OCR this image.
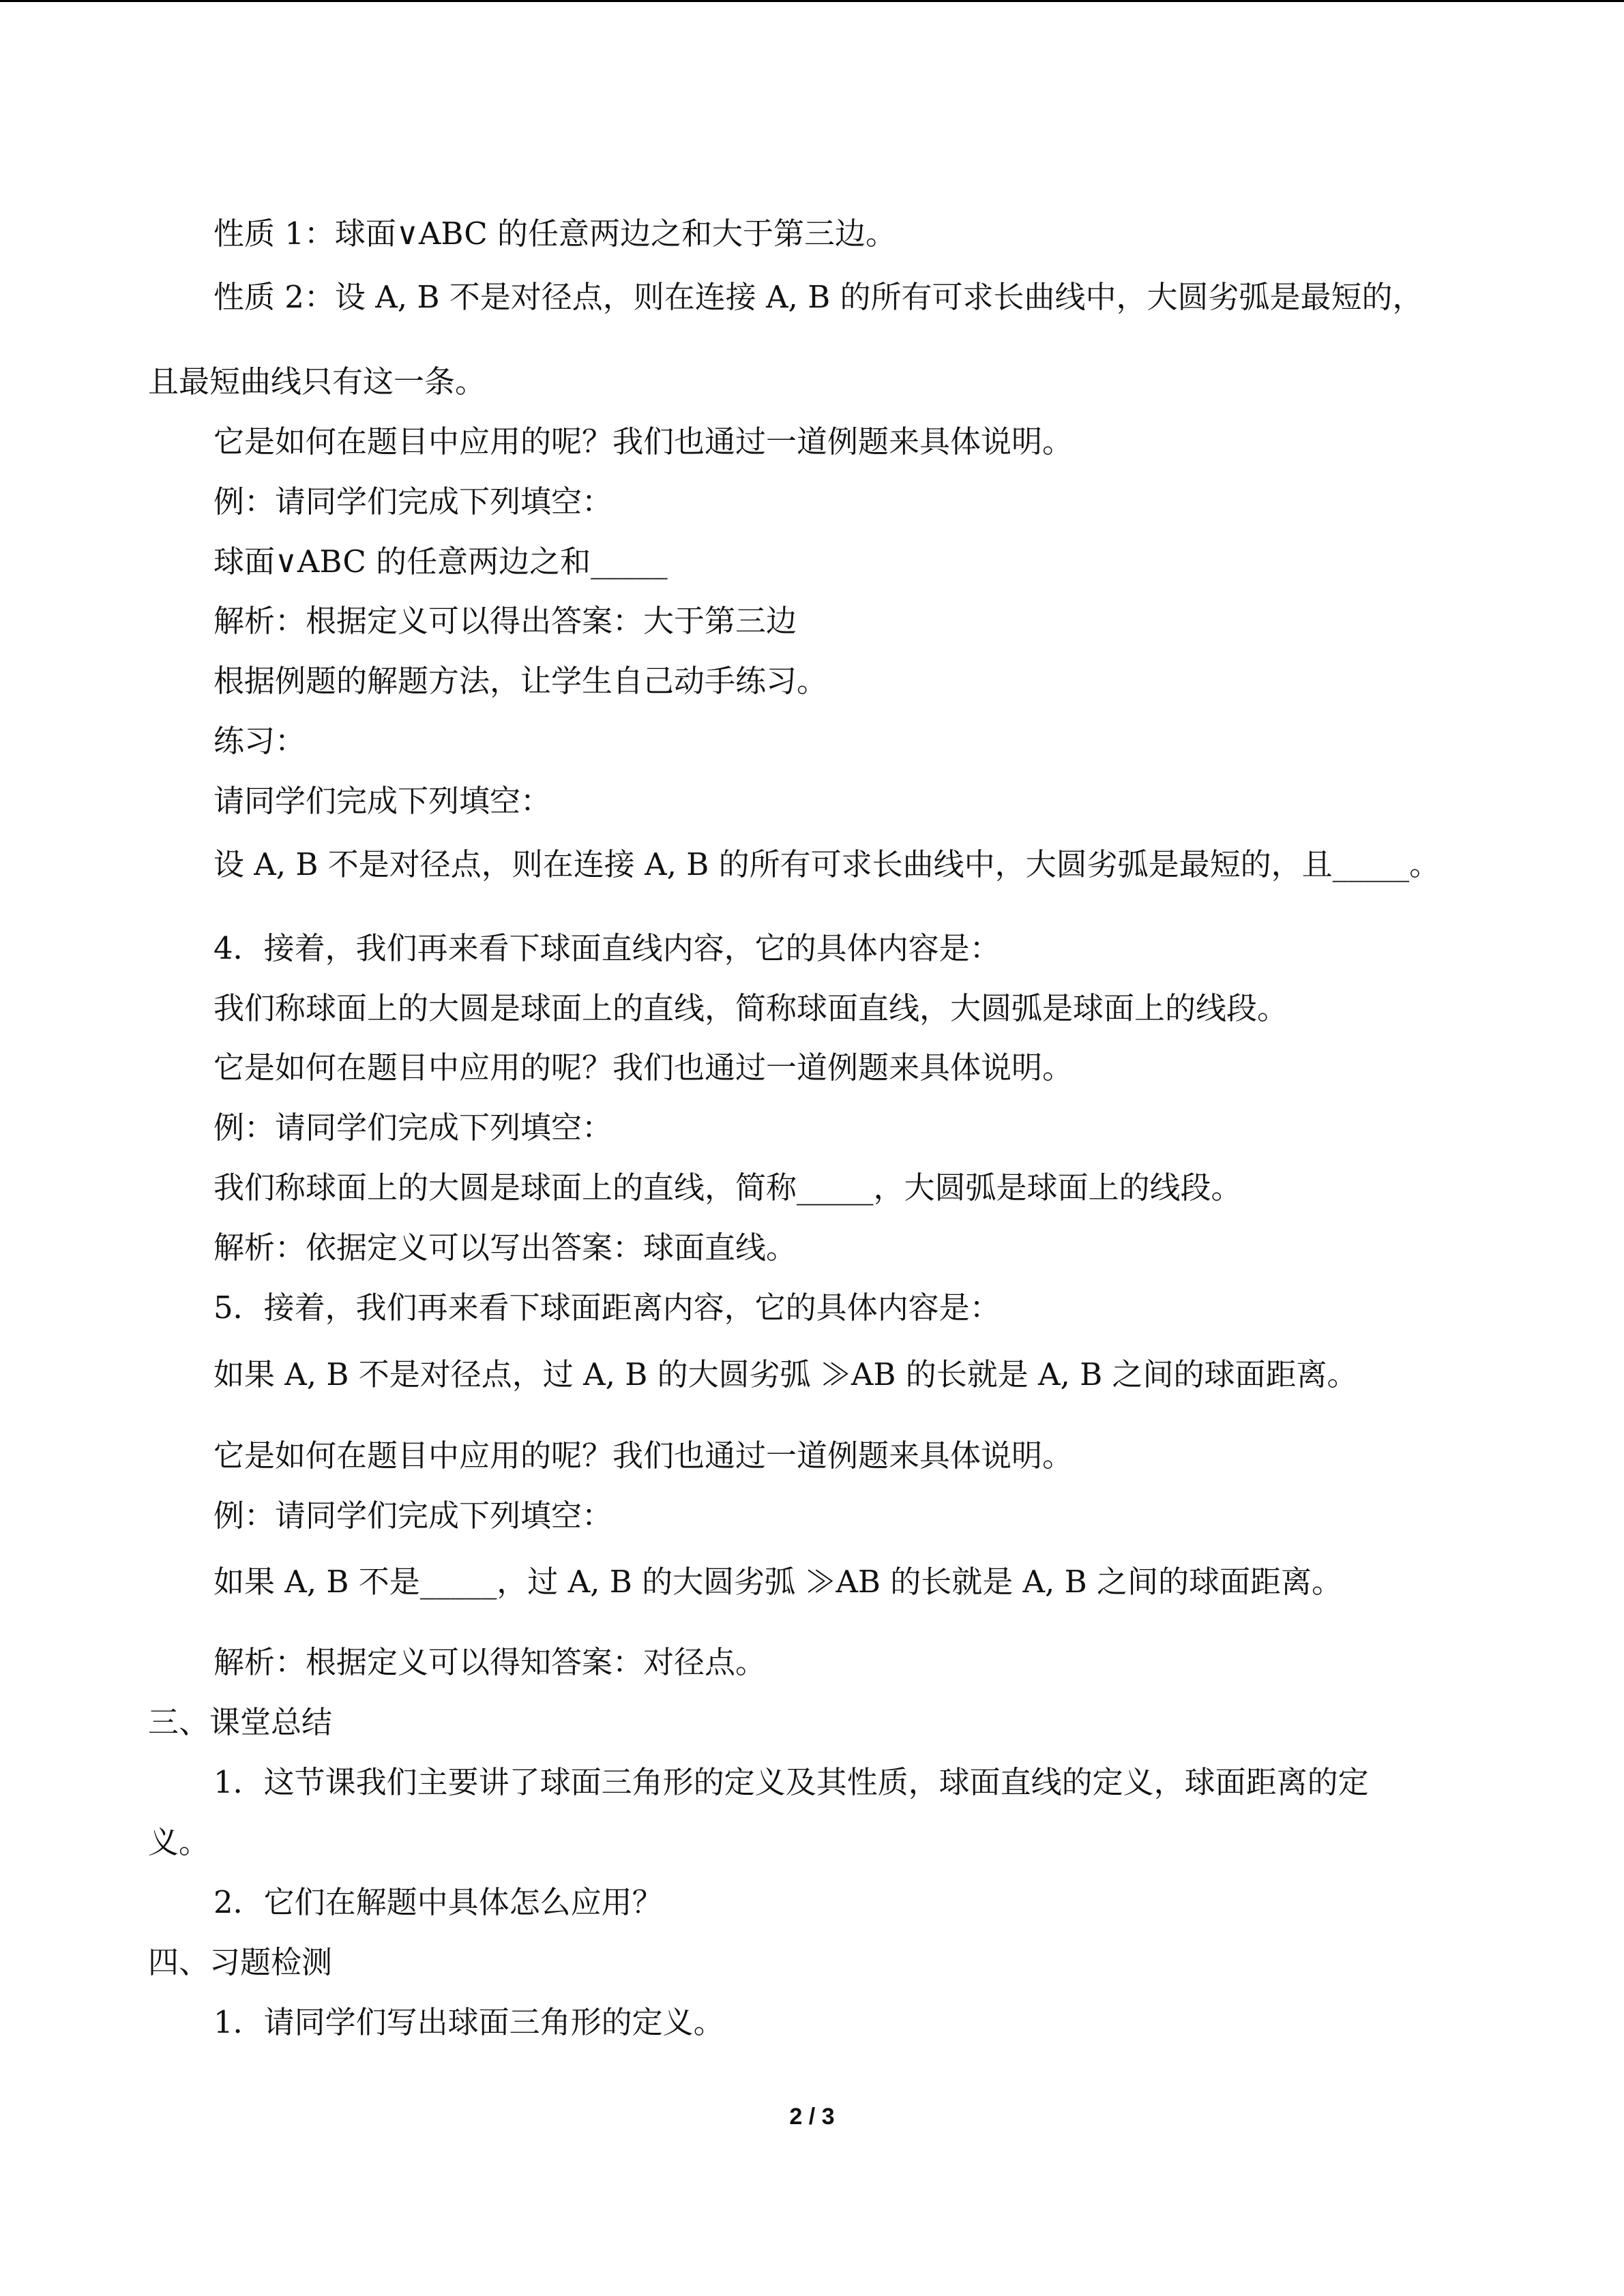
性质 1：球面∨ABC 的任意两边之和大于第三边。
性质 2：设 A, B 不是对径点，则在连接 A, B 的所有可求长曲线中，大圆劣弧是最短的，
且最短曲线只有这一条。
它是如何在题目中应用的呢？我们也通过一道例题来具体说明。
例：请同学们完成下列填空：
球面∨ABC 的任意两边之和_____
解析：根据定义可以得出答案：大于第三边
根据例题的解题方法，让学生自己动手练习。
练习：
请同学们完成下列填空：
设 A, B 不是对径点，则在连接 A, B 的所有可求长曲线中，大圆劣弧是最短的，且_____。
4．接着，我们再来看下球面直线内容，它的具体内容是：
我们称球面上的大圆是球面上的直线，简称球面直线，大圆弧是球面上的线段。
它是如何在题目中应用的呢？我们也通过一道例题来具体说明。
例：请同学们完成下列填空：
我们称球面上的大圆是球面上的直线，简称_____，大圆弧是球面上的线段。
解析：依据定义可以写出答案：球面直线。
5．接着，我们再来看下球面距离内容，它的具体内容是：
如果 A, B 不是对径点，过 A, B 的大圆劣弧 ≫AB 的长就是 A, B 之间的球面距离。
它是如何在题目中应用的呢？我们也通过一道例题来具体说明。
例：请同学们完成下列填空：
如果 A, B 不是_____，过 A, B 的大圆劣弧 ≫AB 的长就是 A, B 之间的球面距离。
解析：根据定义可以得知答案：对径点。
三、课堂总结
1．这节课我们主要讲了球面三角形的定义及其性质，球面直线的定义，球面距离的定
义。
2．它们在解题中具体怎么应用？
四、习题检测
1．请同学们写出球面三角形的定义。
2 / 3
